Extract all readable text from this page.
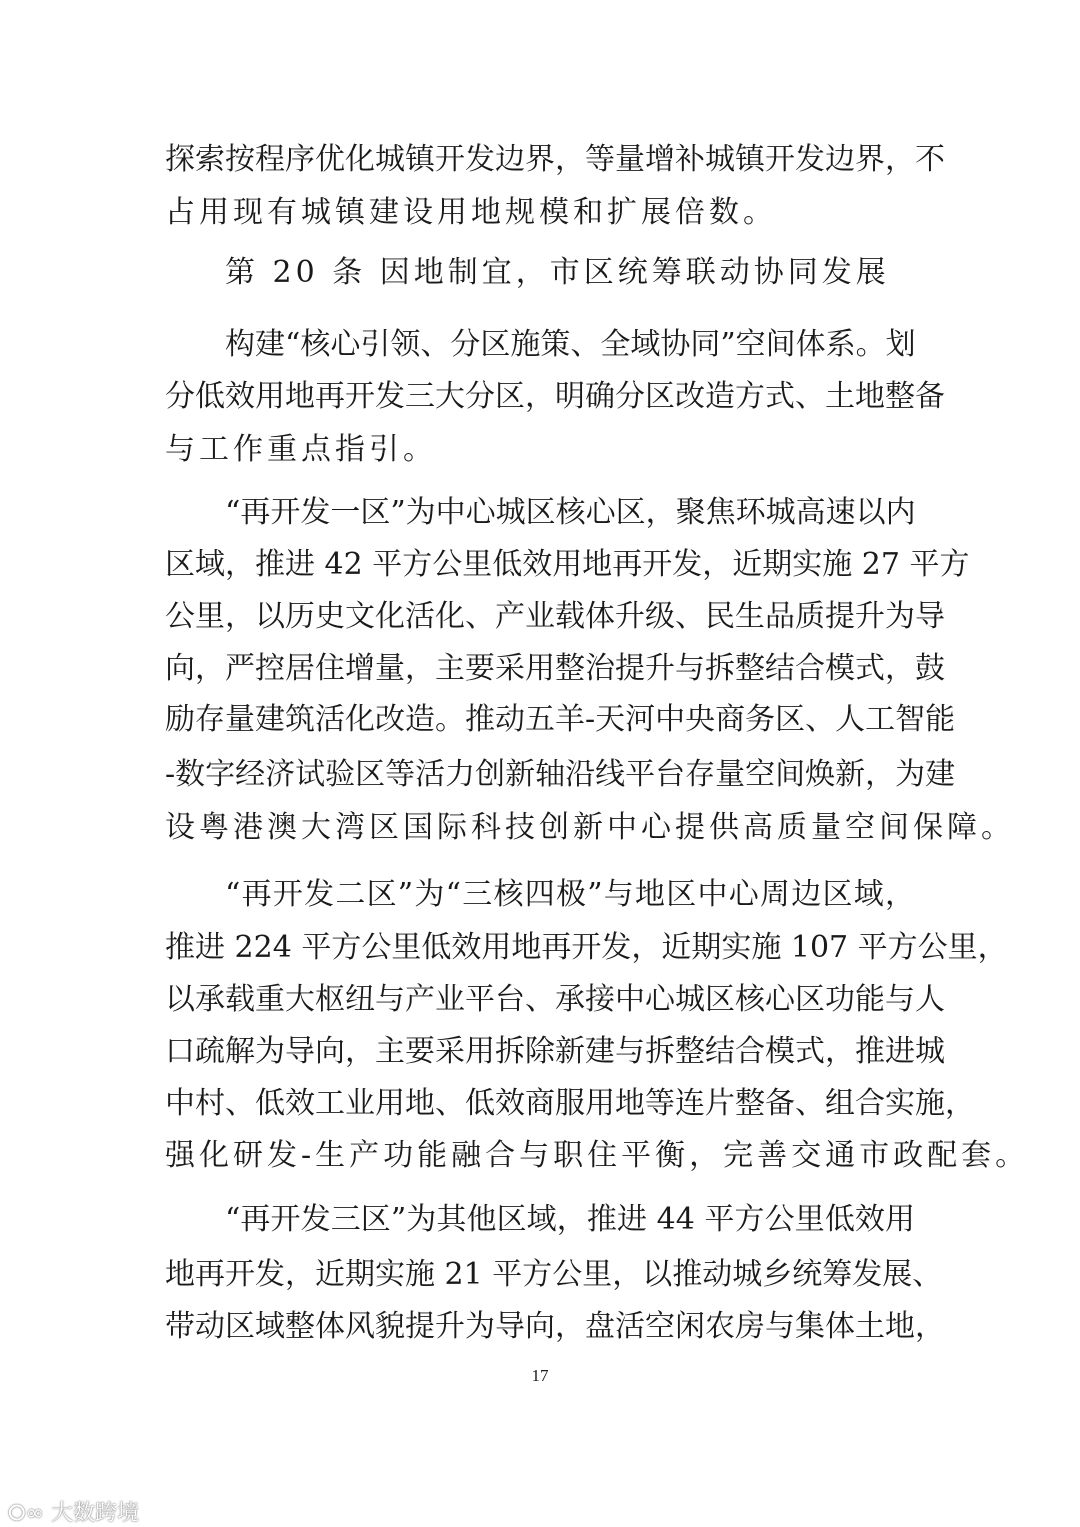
探索按程序优化城镇开发边界，等量增补城镇开发边界，不
占用现有城镇建设用地规模和扩展倍数。
第 20 条 因地制宜，市区统筹联动协同发展
构建“核心引领、分区施策、全域协同”空间体系。划
分低效用地再开发三大分区，明确分区改造方式、土地整备
与工作重点指引。
“再开发一区”为中心城区核心区，聚焦环城高速以内
区域，推进 42 平方公里低效用地再开发，近期实施 27 平方
公里，以历史文化活化、产业载体升级、民生品质提升为导
向，严控居住增量，主要采用整治提升与拆整结合模式，鼓
励存量建筑活化改造。推动五羊-天河中央商务区、人工智能
-数字经济试验区等活力创新轴沿线平台存量空间焕新，为建
设粤港澳大湾区国际科技创新中心提供高质量空间保障。
“再开发二区”为“三核四极”与地区中心周边区域，
推进 224 平方公里低效用地再开发，近期实施 107 平方公里，
以承载重大枢纽与产业平台、承接中心城区核心区功能与人
口疏解为导向，主要采用拆除新建与拆整结合模式，推进城
中村、低效工业用地、低效商服用地等连片整备、组合实施，
强化研发-生产功能融合与职住平衡，完善交通市政配套。
“再开发三区”为其他区域，推进 44 平方公里低效用
地再开发，近期实施 21 平方公里，以推动城乡统筹发展、
带动区域整体风貌提升为导向，盘活空闲农房与集体土地，
17
⭘∞ 大数跨境
